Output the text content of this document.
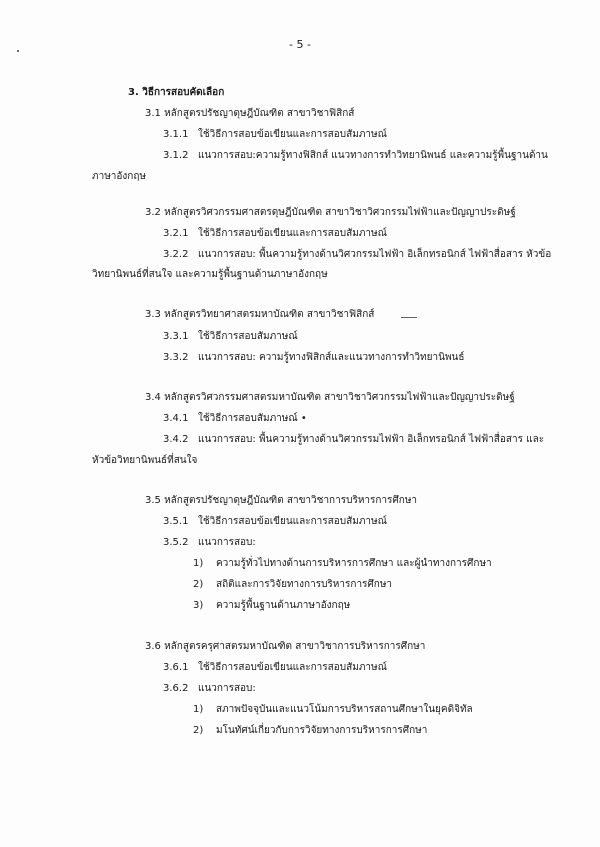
- 5 -
3. วิธีการสอบคัดเลือก
3.1 หลักสูตรปรัชญาดุษฎีบัณฑิต สาขาวิชาฟิสิกส์
3.1.1 ใช้วิธีการสอบข้อเขียนและการสอบสัมภาษณ์
3.1.2 แนวการสอบ:ความรู้ทางฟิสิกส์ แนวทางการทำวิทยานิพนธ์ และความรู้พื้นฐานด้าน
ภาษาอังกฤษ
3.2 หลักสูตรวิศวกรรมศาสตรดุษฎีบัณฑิต สาขาวิชาวิศวกรรมไฟฟ้าและปัญญาประดิษฐ์
3.2.1 ใช้วิธีการสอบข้อเขียนและการสอบสัมภาษณ์
3.2.2 แนวการสอบ: พื้นความรู้ทางด้านวิศวกรรมไฟฟ้า อิเล็กทรอนิกส์ ไฟฟ้าสื่อสาร หัวข้อ
วิทยานิพนธ์ที่สนใจ และความรู้พื้นฐานด้านภาษาอังกฤษ
3.3 หลักสูตรวิทยาศาสตรมหาบัณฑิต สาขาวิชาฟิสิกส์
3.3.1 ใช้วิธีการสอบสัมภาษณ์
3.3.2 แนวการสอบ: ความรู้ทางฟิสิกส์และแนวทางการทำวิทยานิพนธ์
3.4 หลักสูตรวิศวกรรมศาสตรมหาบัณฑิต สาขาวิชาวิศวกรรมไฟฟ้าและปัญญาประดิษฐ์
3.4.1 ใช้วิธีการสอบสัมภาษณ์ •
3.4.2 แนวการสอบ: พื้นความรู้ทางด้านวิศวกรรมไฟฟ้า อิเล็กทรอนิกส์ ไฟฟ้าสื่อสาร และ
หัวข้อวิทยานิพนธ์ที่สนใจ
3.5 หลักสูตรปรัชญาดุษฎีบัณฑิต สาขาวิชาการบริหารการศึกษา
3.5.1 ใช้วิธีการสอบข้อเขียนและการสอบสัมภาษณ์
3.5.2 แนวการสอบ:
1) ความรู้ทั่วไปทางด้านการบริหารการศึกษา และผู้นำทางการศึกษา
2) สถิติและการวิจัยทางการบริหารการศึกษา
3) ความรู้พื้นฐานด้านภาษาอังกฤษ
3.6 หลักสูตรครุศาสตรมหาบัณฑิต สาขาวิชาการบริหารการศึกษา
3.6.1 ใช้วิธีการสอบข้อเขียนและการสอบสัมภาษณ์
3.6.2 แนวการสอบ:
1) สภาพปัจจุบันและแนวโน้มการบริหารสถานศึกษาในยุคดิจิทัล
2) มโนทัศน์เกี่ยวกับการวิจัยทางการบริหารการศึกษา
